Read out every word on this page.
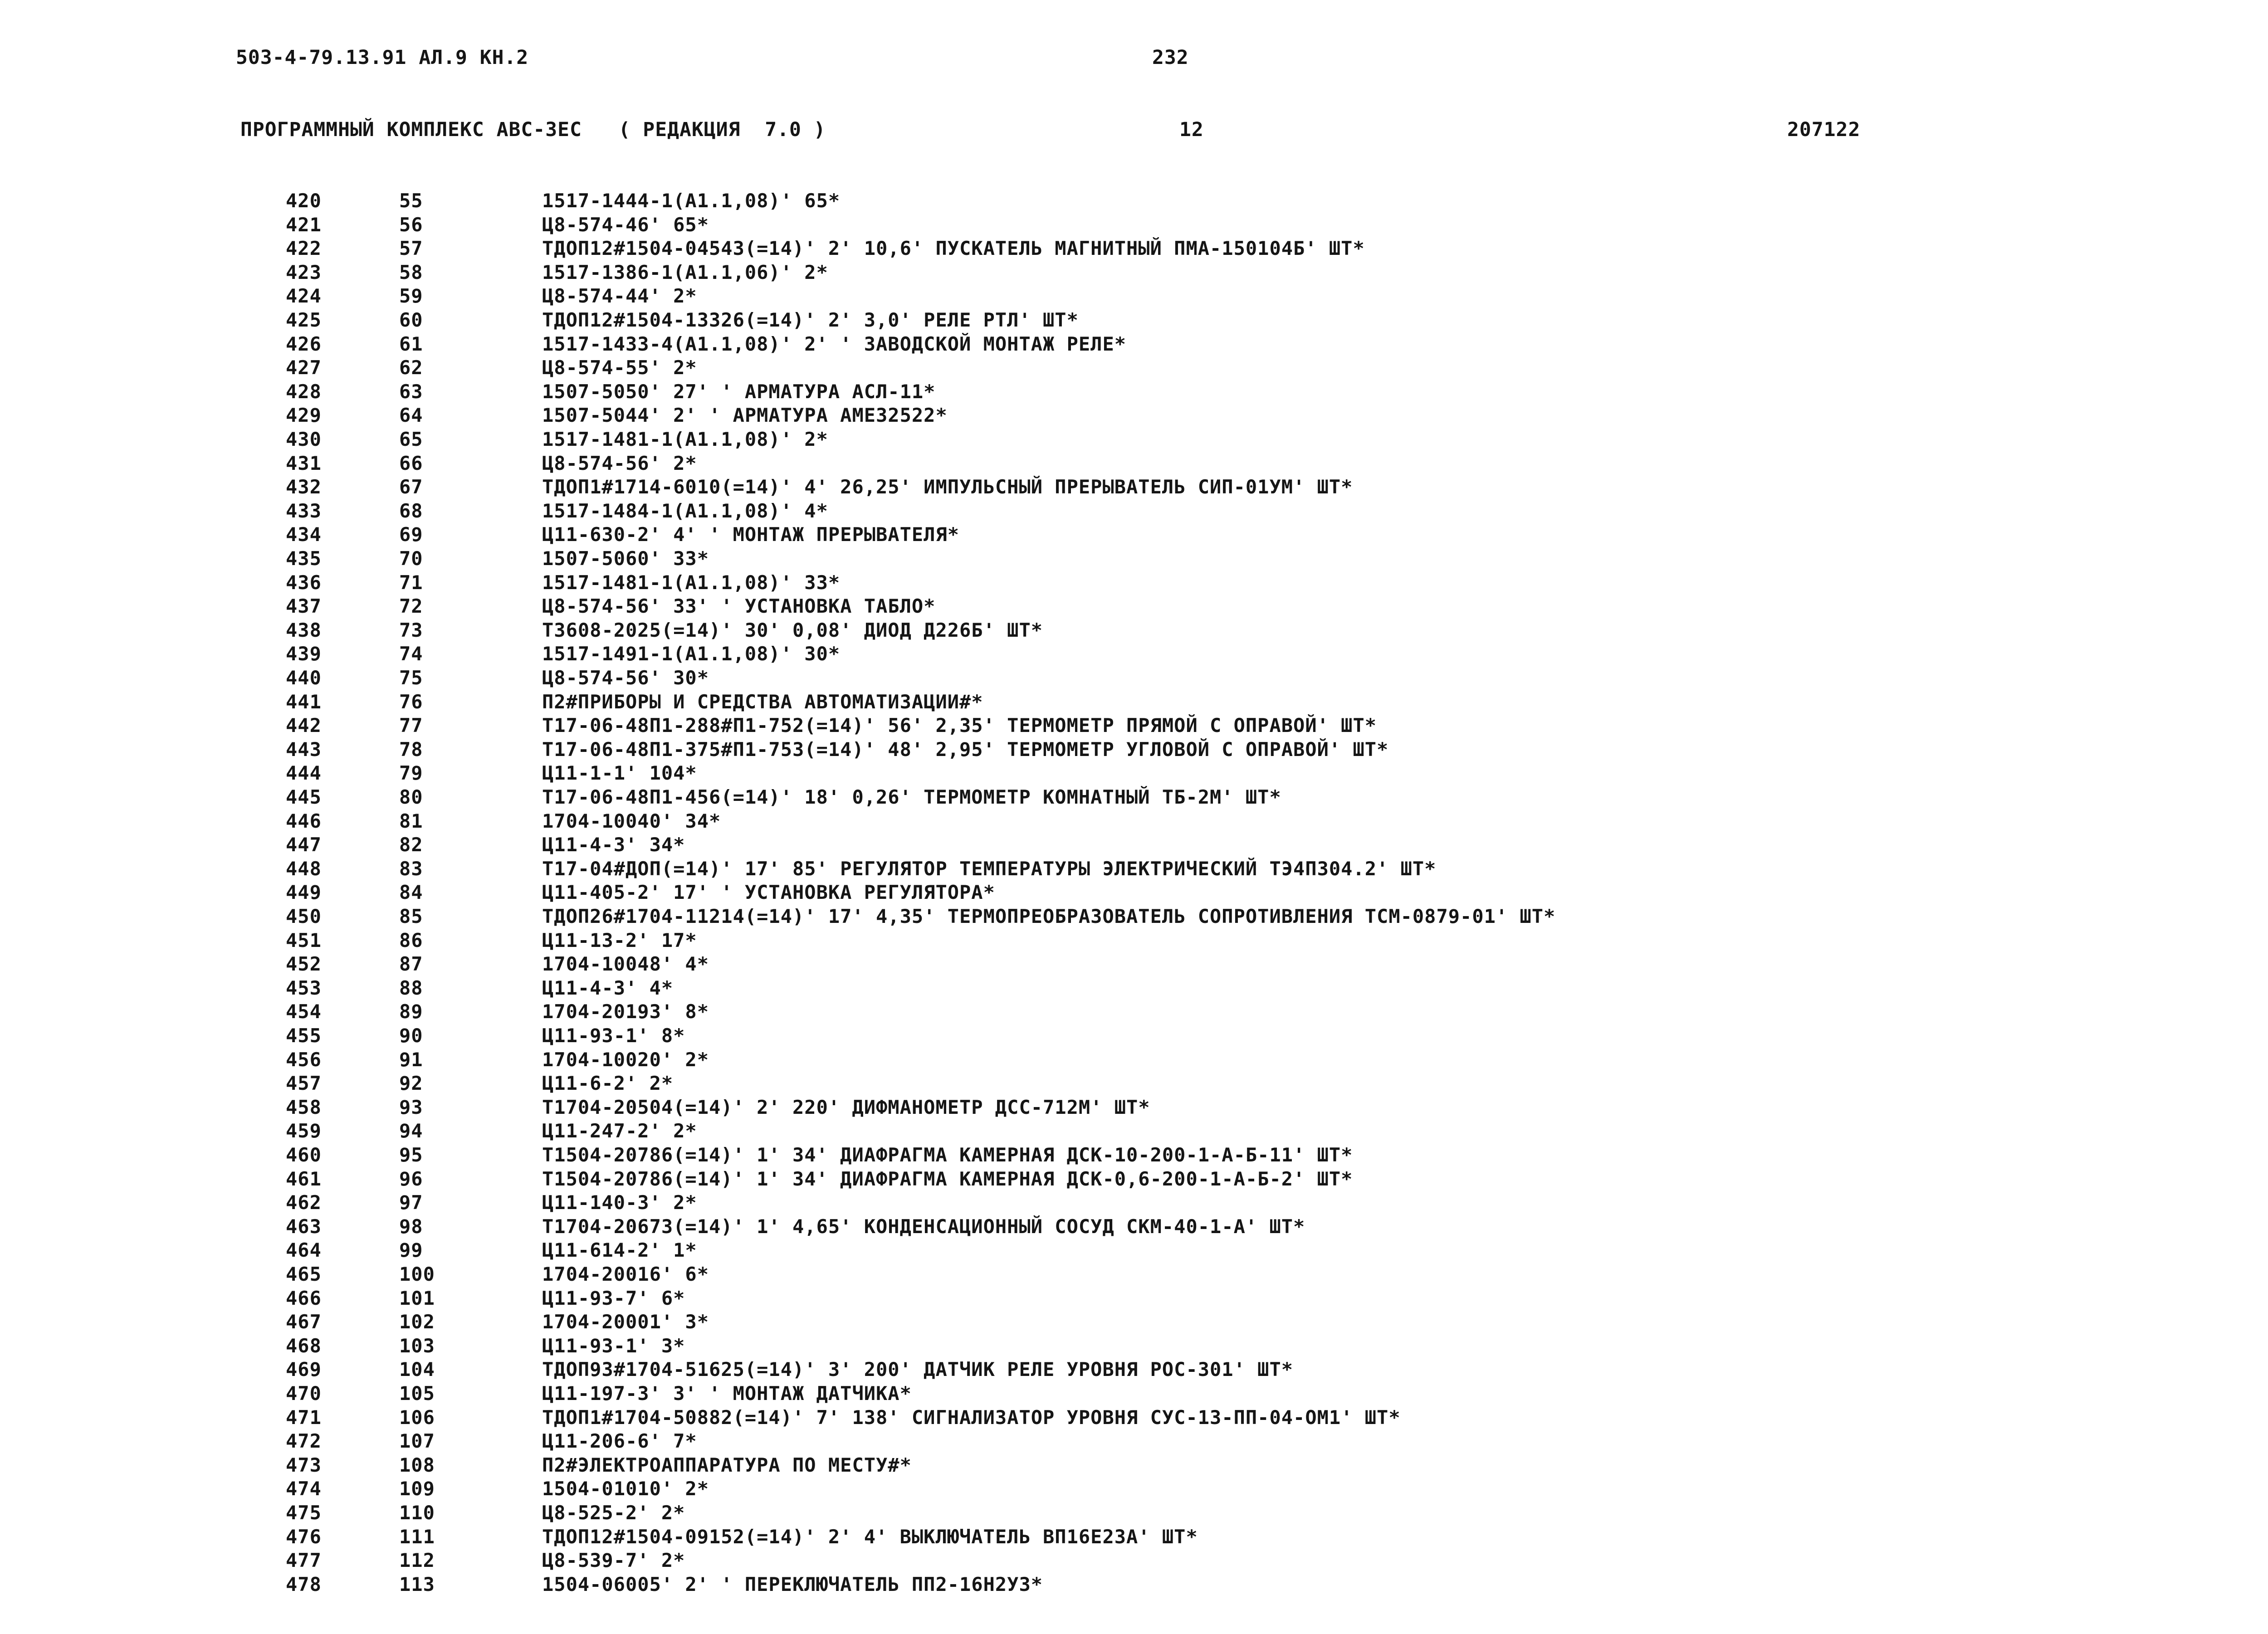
503-4-79.13.91 АЛ.9 КН.2	232
ПРОГРАММНЫЙ КОМПЛЕКС АВС-3ЕС   ( РЕДАКЦИЯ  7.0 )	12	207122
420	55	1517-1444-1(А1.1,08)' 65*
421	56	Ц8-574-46' 65*
422	57	ТДОП12#1504-04543(=14)' 2' 10,6' ПУСКАТЕЛЬ МАГНИТНЫЙ ПМА-150104Б' ШТ*
423	58	1517-1386-1(А1.1,06)' 2*
424	59	Ц8-574-44' 2*
425	60	ТДОП12#1504-13326(=14)' 2' 3,0' РЕЛЕ РТЛ' ШТ*
426	61	1517-1433-4(А1.1,08)' 2' ' ЗАВОДСКОЙ МОНТАЖ РЕЛЕ*
427	62	Ц8-574-55' 2*
428	63	1507-5050' 27' ' АРМАТУРА АСЛ-11*
429	64	1507-5044' 2' ' АРМАТУРА АМЕ32522*
430	65	1517-1481-1(А1.1,08)' 2*
431	66	Ц8-574-56' 2*
432	67	ТДОП1#1714-6010(=14)' 4' 26,25' ИМПУЛЬСНЫЙ ПРЕРЫВАТЕЛЬ СИП-01УМ' ШТ*
433	68	1517-1484-1(А1.1,08)' 4*
434	69	Ц11-630-2' 4' ' МОНТАЖ ПРЕРЫВАТЕЛЯ*
435	70	1507-5060' 33*
436	71	1517-1481-1(А1.1,08)' 33*
437	72	Ц8-574-56' 33' ' УСТАНОВКА ТАБЛО*
438	73	Т3608-2025(=14)' 30' 0,08' ДИОД Д226Б' ШТ*
439	74	1517-1491-1(А1.1,08)' 30*
440	75	Ц8-574-56' 30*
441	76	П2#ПРИБОРЫ И СРЕДСТВА АВТОМАТИЗАЦИИ#*
442	77	Т17-06-48П1-288#П1-752(=14)' 56' 2,35' ТЕРМОМЕТР ПРЯМОЙ С ОПРАВОЙ' ШТ*
443	78	Т17-06-48П1-375#П1-753(=14)' 48' 2,95' ТЕРМОМЕТР УГЛОВОЙ С ОПРАВОЙ' ШТ*
444	79	Ц11-1-1' 104*
445	80	Т17-06-48П1-456(=14)' 18' 0,26' ТЕРМОМЕТР КОМНАТНЫЙ ТБ-2М' ШТ*
446	81	1704-10040' 34*
447	82	Ц11-4-3' 34*
448	83	Т17-04#ДОП(=14)' 17' 85' РЕГУЛЯТОР ТЕМПЕРАТУРЫ ЭЛЕКТРИЧЕСКИЙ ТЭ4П304.2' ШТ*
449	84	Ц11-405-2' 17' ' УСТАНОВКА РЕГУЛЯТОРА*
450	85	ТДОП26#1704-11214(=14)' 17' 4,35' ТЕРМОПРЕОБРАЗОВАТЕЛЬ СОПРОТИВЛЕНИЯ ТСМ-0879-01' ШТ*
451	86	Ц11-13-2' 17*
452	87	1704-10048' 4*
453	88	Ц11-4-3' 4*
454	89	1704-20193' 8*
455	90	Ц11-93-1' 8*
456	91	1704-10020' 2*
457	92	Ц11-6-2' 2*
458	93	Т1704-20504(=14)' 2' 220' ДИФМАНОМЕТР ДСС-712М' ШТ*
459	94	Ц11-247-2' 2*
460	95	Т1504-20786(=14)' 1' 34' ДИАФРАГМА КАМЕРНАЯ ДСК-10-200-1-А-Б-11' ШТ*
461	96	Т1504-20786(=14)' 1' 34' ДИАФРАГМА КАМЕРНАЯ ДСК-0,6-200-1-А-Б-2' ШТ*
462	97	Ц11-140-3' 2*
463	98	Т1704-20673(=14)' 1' 4,65' КОНДЕНСАЦИОННЫЙ СОСУД СКМ-40-1-А' ШТ*
464	99	Ц11-614-2' 1*
465	100	1704-20016' 6*
466	101	Ц11-93-7' 6*
467	102	1704-20001' 3*
468	103	Ц11-93-1' 3*
469	104	ТДОП93#1704-51625(=14)' 3' 200' ДАТЧИК РЕЛЕ УРОВНЯ РОС-301' ШТ*
470	105	Ц11-197-3' 3' ' МОНТАЖ ДАТЧИКА*
471	106	ТДОП1#1704-50882(=14)' 7' 138' СИГНАЛИЗАТОР УРОВНЯ СУС-13-ПП-04-ОМ1' ШТ*
472	107	Ц11-206-6' 7*
473	108	П2#ЭЛЕКТРОАППАРАТУРА ПО МЕСТУ#*
474	109	1504-01010' 2*
475	110	Ц8-525-2' 2*
476	111	ТДОП12#1504-09152(=14)' 2' 4' ВЫКЛЮЧАТЕЛЬ ВП16Е23А' ШТ*
477	112	Ц8-539-7' 2*
478	113	1504-06005' 2' ' ПЕРЕКЛЮЧАТЕЛЬ ПП2-16Н2У3*
